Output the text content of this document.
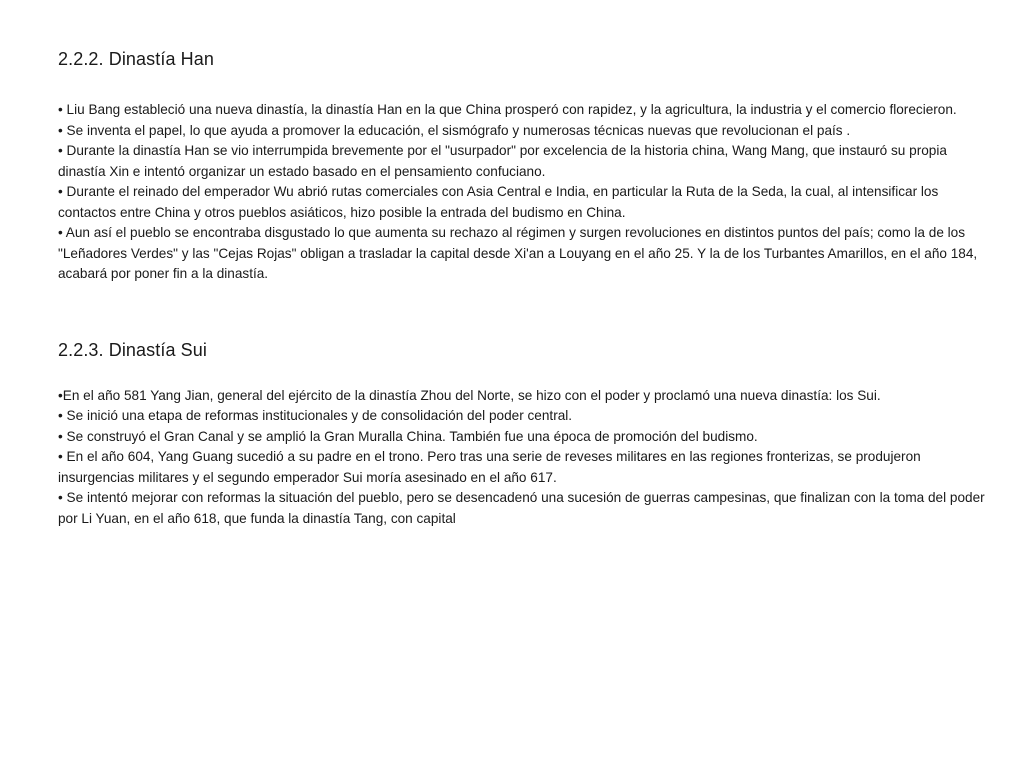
2.2.2. Dinastía Han
• Liu Bang estableció una nueva dinastía, la dinastía Han en la que China prosperó con rapidez, y la agricultura, la industria y el comercio florecieron.
• Se inventa el papel, lo que ayuda a promover la educación, el sismógrafo y numerosas técnicas nuevas que revolucionan el país .
• Durante la dinastía Han se vio interrumpida brevemente por el "usurpador" por excelencia de la historia china, Wang Mang, que instauró su propia dinastía Xin e intentó organizar un estado basado en el pensamiento confuciano.
• Durante el reinado del emperador Wu abrió rutas comerciales con Asia Central e India, en particular la Ruta de la Seda, la cual, al intensificar los contactos entre China y otros pueblos asiáticos, hizo posible la entrada del budismo en China.
• Aun así el pueblo se encontraba disgustado lo que aumenta su rechazo al régimen y surgen revoluciones en distintos puntos del país; como la de los "Leñadores Verdes" y las "Cejas Rojas" obligan a trasladar la capital desde Xi'an a Louyang en el año 25. Y la de los Turbantes Amarillos, en el año 184, acabará por poner fin a la dinastía.
2.2.3. Dinastía Sui
•En el año 581 Yang Jian, general del ejército de la dinastía Zhou del Norte, se hizo con el poder y proclamó una nueva dinastía: los Sui.
• Se inició una etapa de reformas institucionales y de consolidación del poder central.
• Se construyó el Gran Canal y se amplió la Gran Muralla China. También fue una época de promoción del budismo.
• En el año 604, Yang Guang sucedió a su padre en el trono. Pero tras una serie de reveses militares en las regiones fronterizas, se produjeron insurgencias militares y el segundo emperador Sui moría asesinado en el año 617.
• Se intentó mejorar con reformas la situación del pueblo, pero se desencadenó una sucesión de guerras campesinas, que finalizan con la toma del poder por Li Yuan, en el año 618, que funda la dinastía Tang, con capital
